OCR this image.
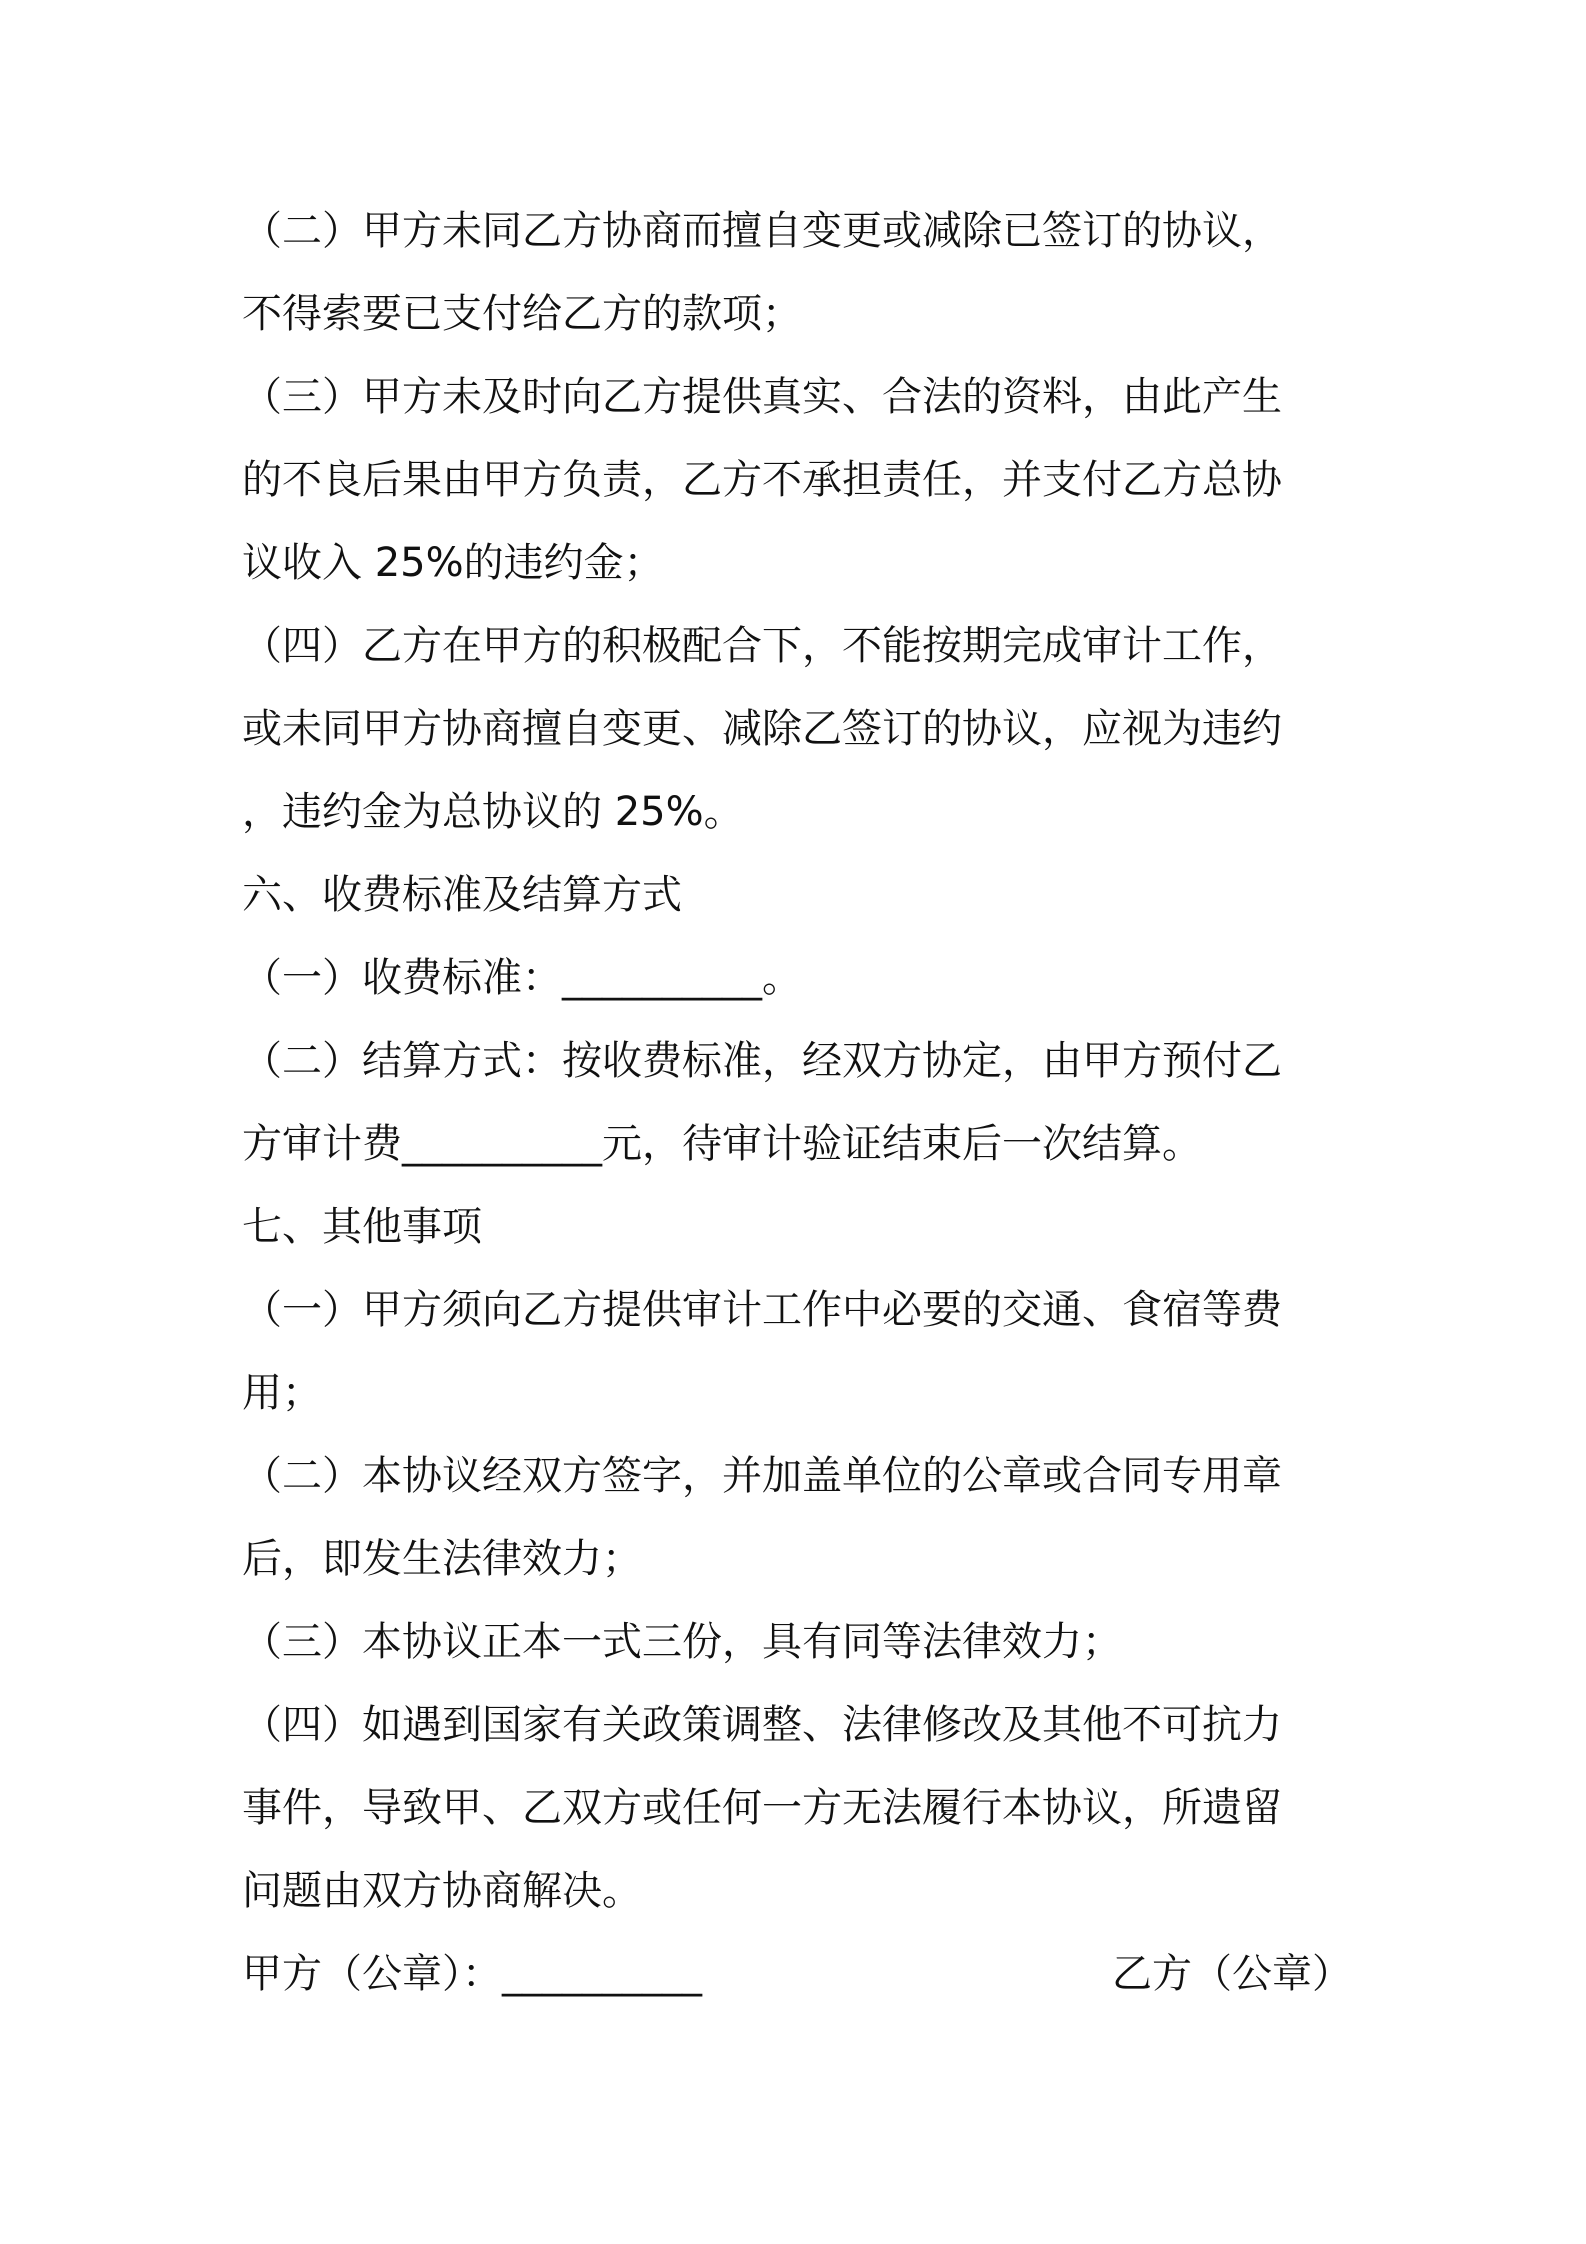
（二）甲方未同乙方协商而擅自变更或减除已签订的协议，
不得索要已支付给乙方的款项；
（三）甲方未及时向乙方提供真实、合法的资料，由此产生
的不良后果由甲方负责，乙方不承担责任，并支付乙方总协
议收入 25%的违约金；
（四）乙方在甲方的积极配合下，不能按期完成审计工作，
或未同甲方协商擅自变更、减除乙签订的协议，应视为违约
，违约金为总协议的 25%。
六、收费标准及结算方式
（一）收费标准：__________。
（二）结算方式：按收费标准，经双方协定，由甲方预付乙
方审计费__________元，待审计验证结束后一次结算。
七、其他事项
（一）甲方须向乙方提供审计工作中必要的交通、食宿等费
用；
（二）本协议经双方签字，并加盖单位的公章或合同专用章
后，即发生法律效力；
（三）本协议正本一式三份，具有同等法律效力；
（四）如遇到国家有关政策调整、法律修改及其他不可抗力
事件，导致甲、乙双方或任何一方无法履行本协议，所遗留
问题由双方协商解决。
甲方（公章）：__________	乙方（公章）
